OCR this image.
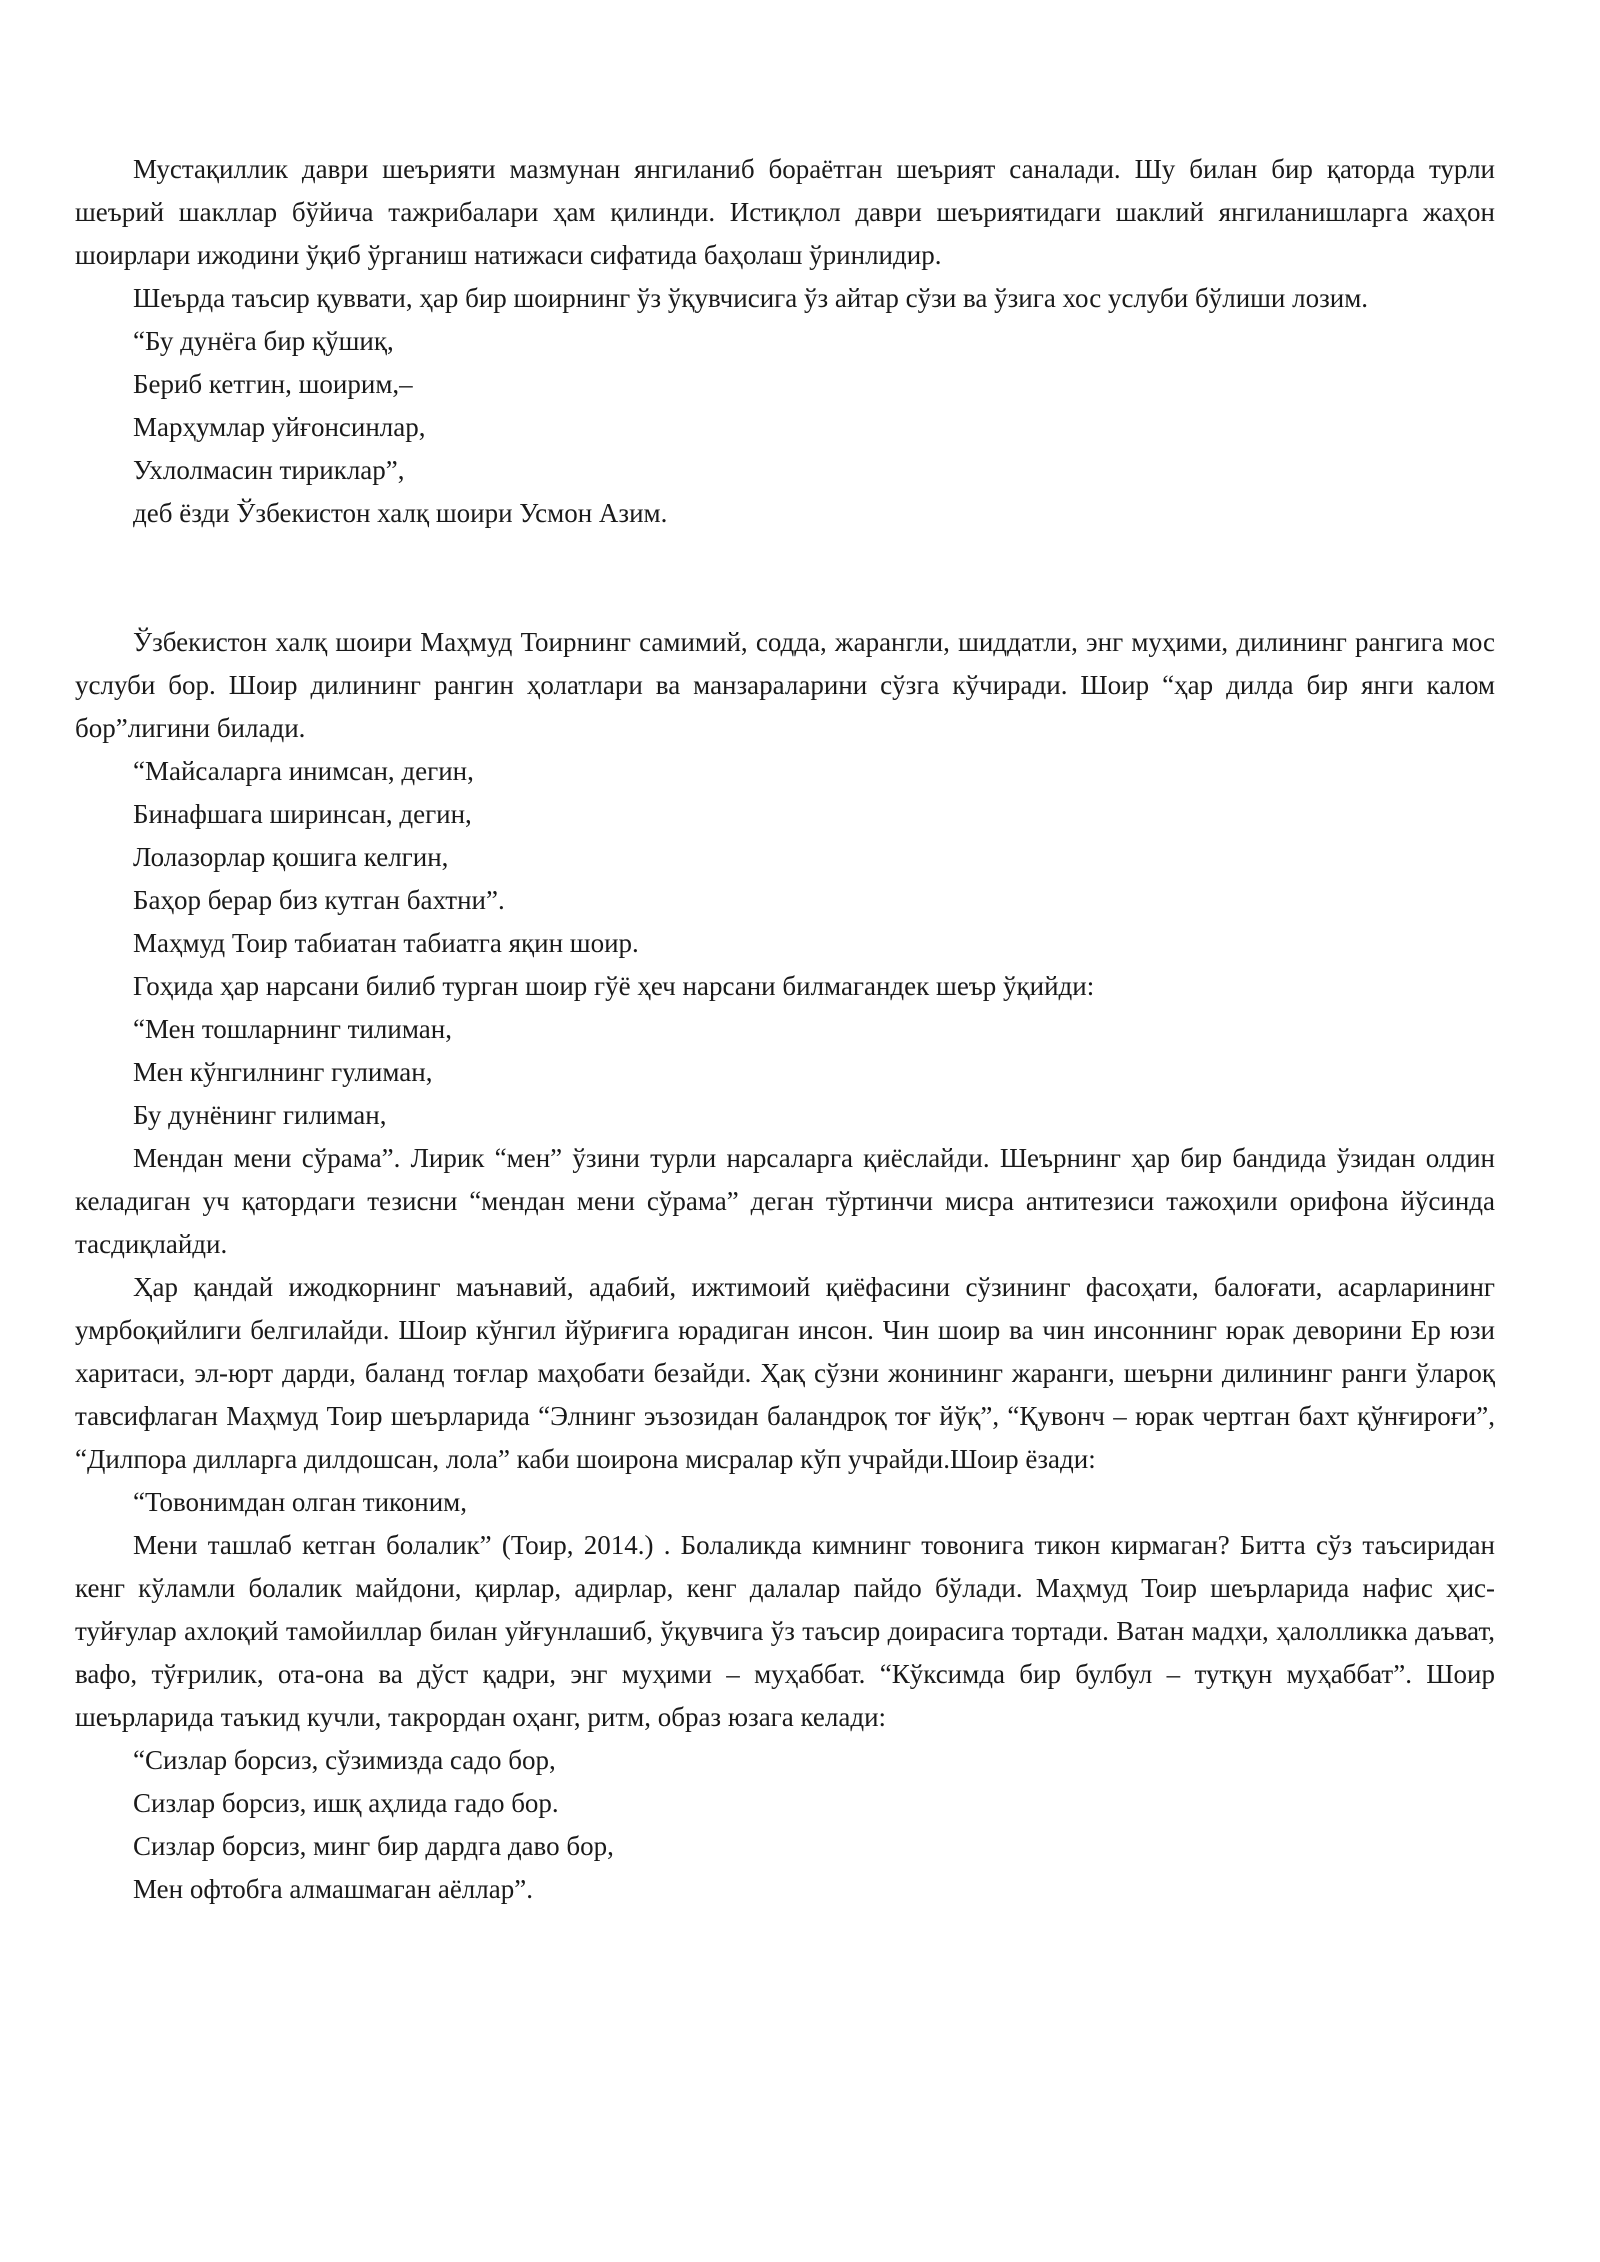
Мустақиллик даври шеърияти мазмунан янгиланиб бораётган шеърият саналади. Шу билан бир қаторда турли шеърий шакллар бўйича тажрибалари ҳам қилинди. Истиқлол даври шеъриятидаги шаклий янгиланишларга жаҳон шоирлари ижодини ўқиб ўрганиш натижаси сифатида баҳолаш ўринлидир.
Шеърда таъсир қуввати, ҳар бир шоирнинг ўз ўқувчисига ўз айтар сўзи ва ўзига хос услуби бўлиши лозим.
“Бу дунёга бир қўшиқ,
Бериб кетгин, шоирим,–
Марҳумлар уйғонсинлар,
Ухлолмасин тириклар”,
деб ёзди Ўзбекистон халқ шоири Усмон Азим.
Ўзбекистон халқ шоири Маҳмуд Тоирнинг самимий, содда, жарангли, шиддатли, энг муҳими, дилининг рангига мос услуби бор. Шоир дилининг рангин ҳолатлари ва манзараларини сўзга кўчиради. Шоир “ҳар дилда бир янги калом бор”лигини билади.
“Майсаларга инимсан, дегин,
Бинафшага ширинсан, дегин,
Лолазорлар қошига келгин,
Баҳор берар биз кутган бахтни”.
Маҳмуд Тоир табиатан табиатга яқин шоир.
Гоҳида ҳар нарсани билиб турган шоир гўё ҳеч нарсани билмагандек шеър ўқийди:
“Мен тошларнинг тилиман,
Мен кўнгилнинг гулиман,
Бу дунёнинг гилиман,
Мендан мени сўрама”. Лирик “мен” ўзини турли нарсаларга қиёслайди. Шеърнинг ҳар бир бандида ўзидан олдин келадиган уч қатордаги тезисни “мендан мени сўрама” деган тўртинчи мисра антитезиси тажоҳили орифона йўсинда тасдиқлайди.
Ҳар қандай ижодкорнинг маънавий, адабий, ижтимоий қиёфасини сўзининг фасоҳати, балоғати, асарларининг умрбоқийлиги белгилайди. Шоир кўнгил йўриғига юрадиган инсон. Чин шоир ва чин инсоннинг юрак деворини Ер юзи харитаси, эл-юрт дарди, баланд тоғлар маҳобати безайди. Ҳақ сўзни жонининг жаранги, шеърни дилининг ранги ўлароқ тавсифлаган Маҳмуд Тоир шеърларида “Элнинг эъзозидан баландроқ тоғ йўқ”, “Қувонч – юрак чертган бахт қўнғироғи”, “Дилпора дилларга дилдошсан, лола” каби шоирона мисралар кўп учрайди.Шоир ёзади:
“Товонимдан олган тиконим,
Мени ташлаб кетган болалик” (Тоир, 2014.) . Болаликда кимнинг товонига тикон кирмаган? Битта сўз таъсиридан кенг кўламли болалик майдони, қирлар, адирлар, кенг далалар пайдо бўлади. Маҳмуд Тоир шеърларида нафис ҳис-туйғулар ахлоқий тамойиллар билан уйғунлашиб, ўқувчига ўз таъсир доирасига тортади. Ватан мадҳи, ҳалолликка даъват, вафо, тўғрилик, ота-она ва дўст қадри, энг муҳими – муҳаббат. “Кўксимда бир булбул – тутқун муҳаббат”. Шоир шеърларида таъкид кучли, такрордан оҳанг, ритм, образ юзага келади:
“Сизлар борсиз, сўзимизда садо бор,
Сизлар борсиз, ишқ аҳлида гадо бор.
Сизлар борсиз, минг бир дардга даво бор,
Мен офтобга алмашмаган аёллар”.
